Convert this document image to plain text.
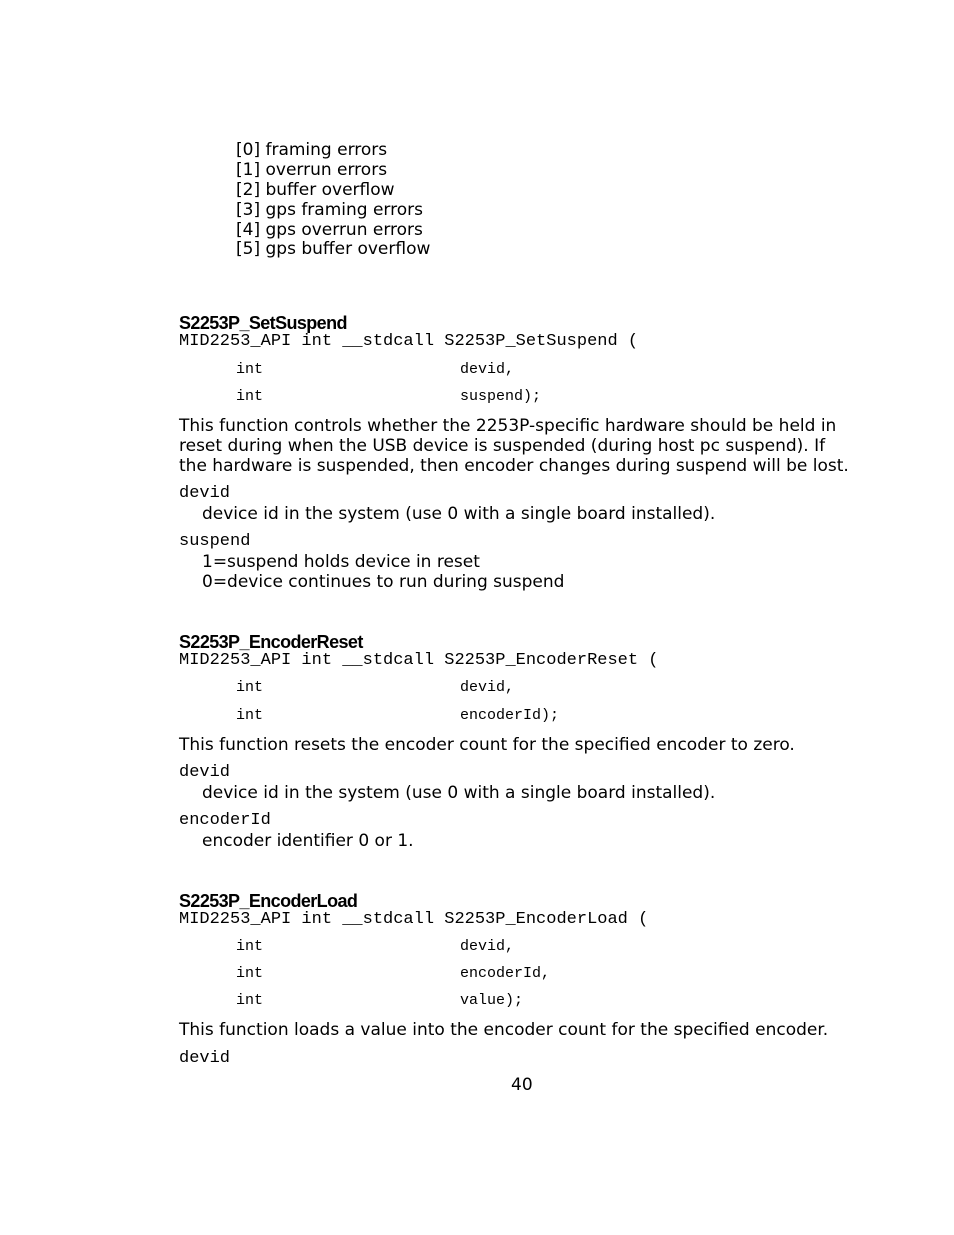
[0] framing errors
[1] overrun errors
[2] buffer overflow
[3] gps framing errors
[4] gps overrun errors
[5] gps buffer overflow
S2253P_SetSuspend
MID2253_API int __stdcall S2253P_SetSuspend (
int	devid,
int	suspend);
This function controls whether the 2253P-specific hardware should be held in
reset during when the USB device is suspended (during host pc suspend). If
the hardware is suspended, then encoder changes during suspend will be lost.
devid
device id in the system (use 0 with a single board installed).
suspend
1=suspend holds device in reset
0=device continues to run during suspend
S2253P_EncoderReset
MID2253_API int __stdcall S2253P_EncoderReset (
int	devid,
int	encoderId);
This function resets the encoder count for the specified encoder to zero.
devid
device id in the system (use 0 with a single board installed).
encoderId
encoder identifier 0 or 1.
S2253P_EncoderLoad
MID2253_API int __stdcall S2253P_EncoderLoad (
int	devid,
int	encoderId,
int	value);
This function loads a value into the encoder count for the specified encoder.
devid
40
